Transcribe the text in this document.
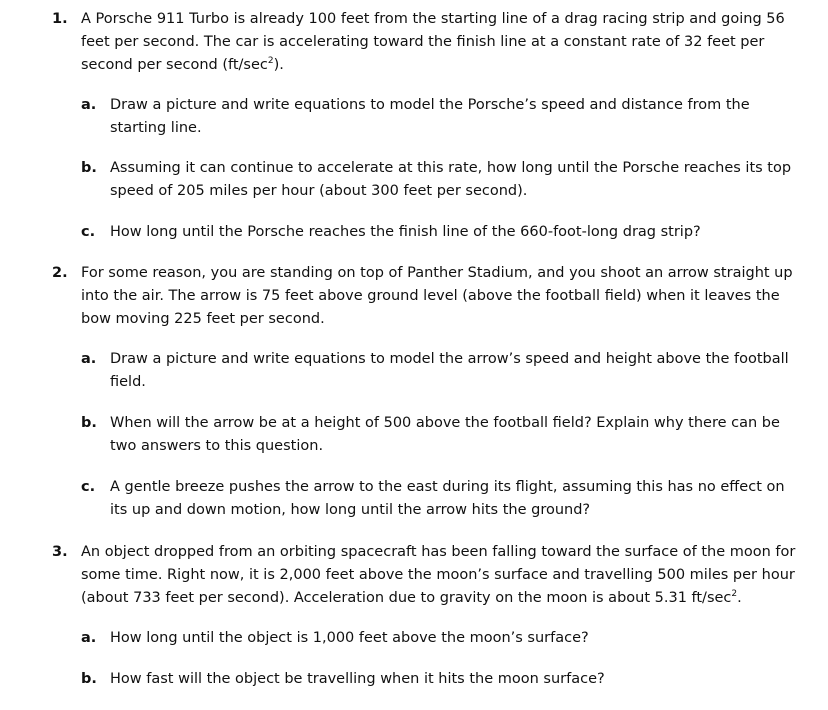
1. A Porsche 911 Turbo is already 100 feet from the starting line of a drag racing strip and going 56 feet per second. The car is accelerating toward the finish line at a constant rate of 32 feet per second per second $(ft/\sec^2)$.
a. Draw a picture and write equations to model the Porsche’s speed and distance from the starting line.
b. Assuming it can continue to accelerate at this rate, how long until the Porsche reaches its top speed of 205 miles per hour (about 300 feet per second).
c. How long until the Porsche reaches the finish line of the 660-foot-long drag strip?
2. For some reason, you are standing on top of Panther Stadium, and you shoot an arrow straight up into the air. The arrow is 75 feet above ground level (above the football field) when it leaves the bow moving 225 feet per second.
a. Draw a picture and write equations to model the arrow’s speed and height above the football field.
b. When will the arrow be at a height of 500 above the football field? Explain why there can be two answers to this question.
c. A gentle breeze pushes the arrow to the east during its flight, assuming this has no effect on its up and down motion, how long until the arrow hits the ground?
3. An object dropped from an orbiting spacecraft has been falling toward the surface of the moon for some time. Right now, it is 2,000 feet above the moon’s surface and travelling 500 miles per hour (about 733 feet per second). Acceleration due to gravity on the moon is about 5.31 $ft/\sec^2$.
a. How long until the object is 1,000 feet above the moon’s surface?
b. How fast will the object be travelling when it hits the moon surface?
